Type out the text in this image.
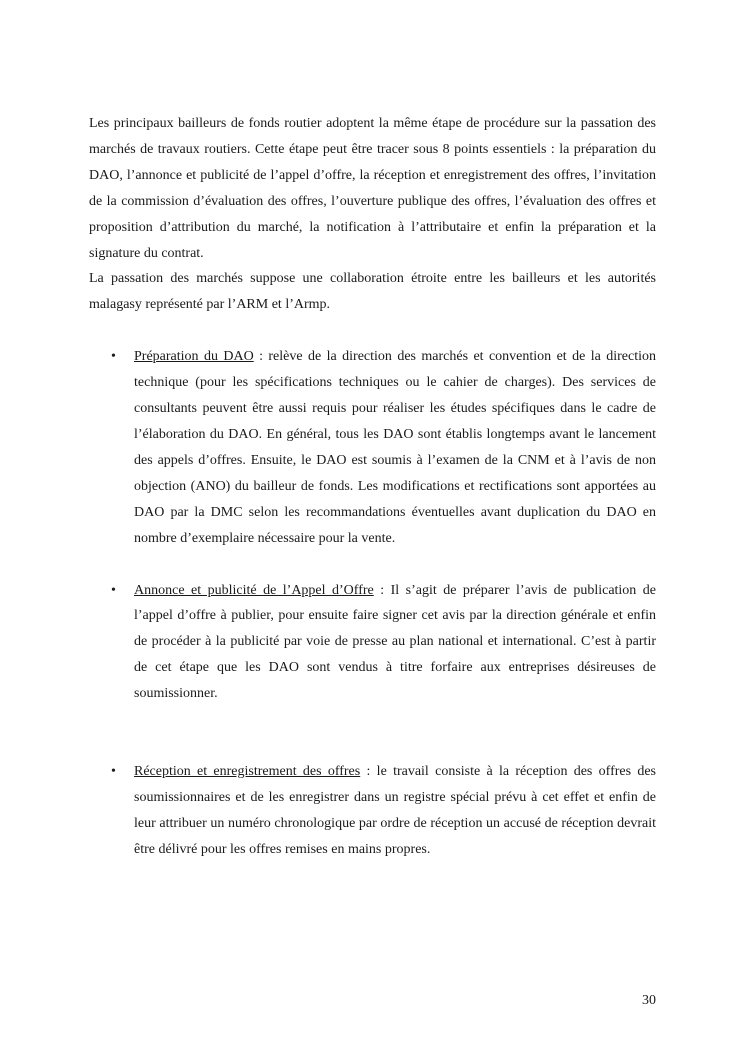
Les principaux bailleurs de fonds routier adoptent la même étape de procédure sur la passation des marchés de travaux routiers. Cette étape peut être tracer sous 8 points essentiels : la préparation du DAO, l’annonce et publicité de l’appel d’offre, la réception et enregistrement des offres, l’invitation de la commission d’évaluation des offres, l’ouverture publique des offres, l’évaluation des offres et proposition d’attribution du marché, la notification à l’attributaire et enfin la préparation et la signature du contrat.

La passation des marchés suppose une collaboration étroite entre les bailleurs et les autorités malagasy représenté par l’ARM et l’Armp.

• Préparation du DAO : relève de la direction des marchés et convention et de la direction technique (pour les spécifications techniques ou le cahier de charges). Des services de consultants peuvent être aussi requis pour réaliser les études spécifiques dans le cadre de l’élaboration du DAO. En général, tous les DAO sont établis longtemps avant le lancement des appels d’offres. Ensuite, le DAO est soumis à l’examen de la CNM et à l’avis de non objection (ANO) du bailleur de fonds. Les modifications et rectifications sont apportées au DAO par la DMC selon les recommandations éventuelles avant duplication du DAO en nombre d’exemplaire nécessaire pour la vente.
• Annonce et publicité de l’Appel d’Offre : Il s’agit de préparer l’avis de publication de l’appel d’offre à publier, pour ensuite faire signer cet avis par la direction générale et enfin de procéder à la publicité par voie de presse au plan national et international. C’est à partir de cet étape que les DAO sont vendus à titre forfaire aux entreprises désireuses de soumissionner.
• Réception et enregistrement des offres : le travail consiste à la réception des offres des soumissionnaires et de les enregistrer dans un registre spécial prévu à cet effet et enfin de leur attribuer un numéro chronologique par ordre de réception un accusé de réception devrait être délivré pour les offres remises en mains propres.
30
